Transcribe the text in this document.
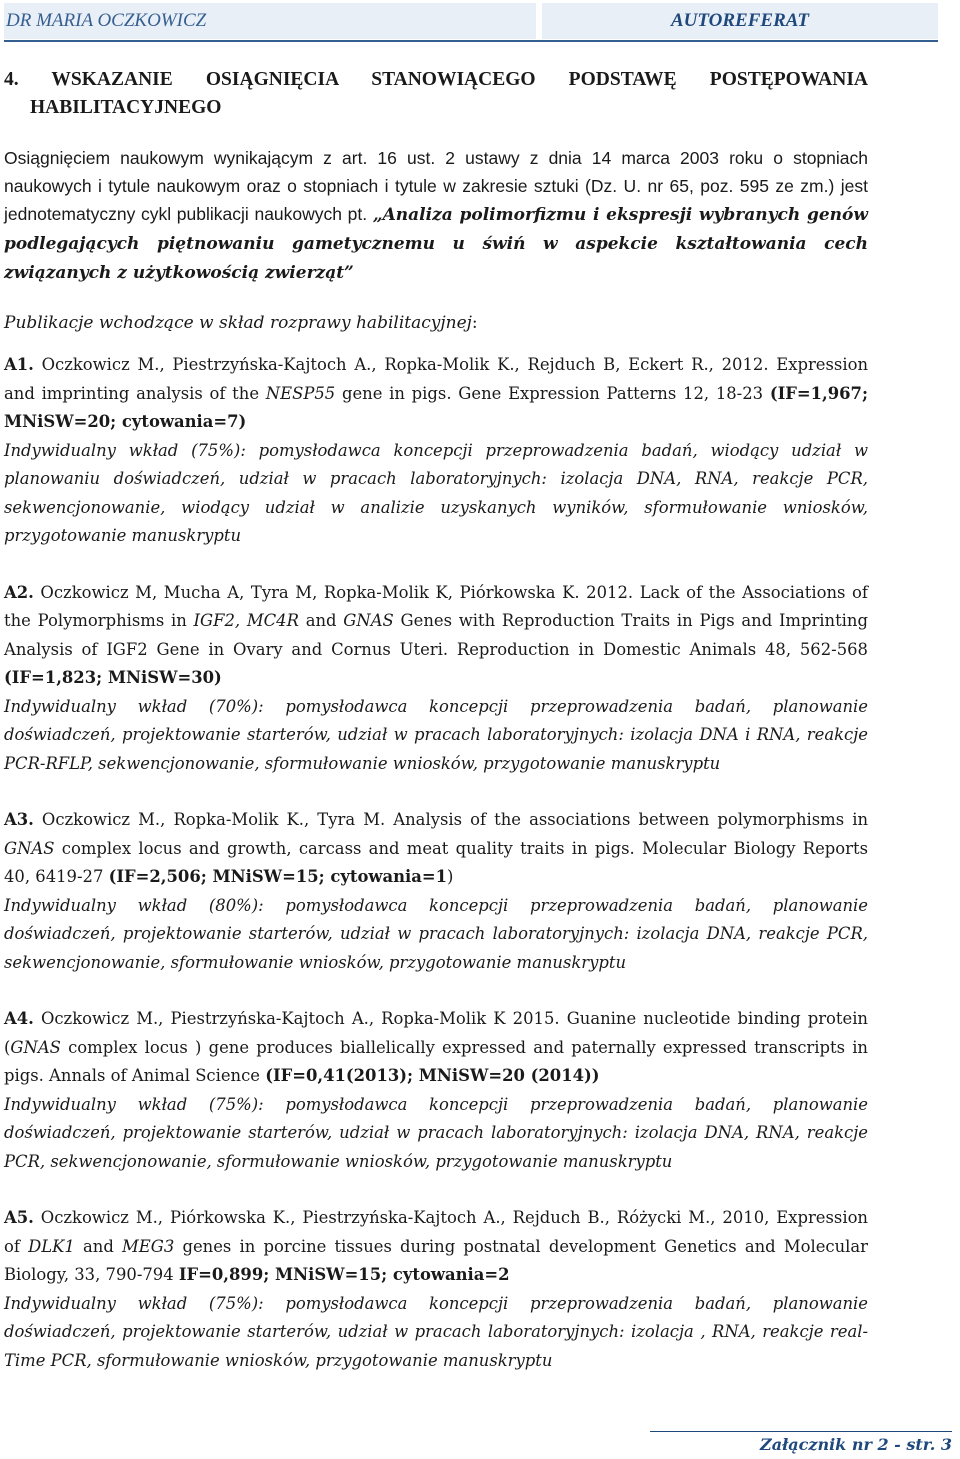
DR MARIA OCZKOWICZ	AUTOREFERAT

4. WSKAZANIE OSIĄGNIĘCIA STANOWIĄCEGO PODSTAWĘ POSTĘPOWANIA

HABILITACYJNEGO

Osiągnięciem naukowym wynikającym z art. 16 ust. 2 ustawy z dnia 14 marca 2003 roku o stopniach naukowych i tytule naukowym oraz o stopniach i tytule w zakresie sztuki (Dz. U. nr 65, poz. 595 ze zm.) jest jednotematyczny cykl publikacji naukowych pt. „Analiza polimorfizmu i ekspresji wybranych genów podlegających piętnowaniu gametycznemu u świń w aspekcie kształtowania cech związanych z użytkowością zwierząt”

Publikacje wchodzące w skład rozprawy habilitacyjnej:

A1. Oczkowicz M., Piestrzyńska-Kajtoch A., Ropka-Molik K., Rejduch B, Eckert R., 2012. Expression and imprinting analysis of the NESP55 gene in pigs. Gene Expression Patterns 12, 18-23 (IF=1,967; MNiSW=20; cytowania=7)
Indywidualny wkład (75%): pomysłodawca koncepcji przeprowadzenia badań, wiodący udział w planowaniu doświadczeń, udział w pracach laboratoryjnych: izolacja DNA, RNA, reakcje PCR, sekwencjonowanie, wiodący udział w analizie uzyskanych wyników, sformułowanie wniosków, przygotowanie manuskryptu
A2. Oczkowicz M, Mucha A, Tyra M, Ropka-Molik K, Piórkowska K. 2012. Lack of the Associations of the Polymorphisms in IGF2, MC4R and GNAS Genes with Reproduction Traits in Pigs and Imprinting Analysis of IGF2 Gene in Ovary and Cornus Uteri. Reproduction in Domestic Animals 48, 562-568 (IF=1,823; MNiSW=30)
Indywidualny wkład (70%): pomysłodawca koncepcji przeprowadzenia badań, planowanie doświadczeń, projektowanie starterów, udział w pracach laboratoryjnych: izolacja DNA i RNA, reakcje PCR-RFLP, sekwencjonowanie, sformułowanie wniosków, przygotowanie manuskryptu
A3. Oczkowicz M., Ropka-Molik K., Tyra M. Analysis of the associations between polymorphisms in GNAS complex locus and growth, carcass and meat quality traits in pigs. Molecular Biology Reports 40, 6419-27 (IF=2,506; MNiSW=15; cytowania=1)
Indywidualny wkład (80%): pomysłodawca koncepcji przeprowadzenia badań, planowanie doświadczeń, projektowanie starterów, udział w pracach laboratoryjnych: izolacja DNA, reakcje PCR, sekwencjonowanie, sformułowanie wniosków, przygotowanie manuskryptu
A4. Oczkowicz M., Piestrzyńska-Kajtoch A., Ropka-Molik K 2015. Guanine nucleotide binding protein (GNAS complex locus ) gene produces biallelically expressed and paternally expressed transcripts in pigs. Annals of Animal Science (IF=0,41(2013); MNiSW=20 (2014))
Indywidualny wkład (75%): pomysłodawca koncepcji przeprowadzenia badań, planowanie doświadczeń, projektowanie starterów, udział w pracach laboratoryjnych: izolacja DNA, RNA, reakcje PCR, sekwencjonowanie, sformułowanie wniosków, przygotowanie manuskryptu
A5. Oczkowicz M., Piórkowska K., Piestrzyńska-Kajtoch A., Rejduch B., Różycki M., 2010, Expression of DLK1 and MEG3 genes in porcine tissues during postnatal development Genetics and Molecular Biology, 33, 790-794 IF=0,899; MNiSW=15; cytowania=2
Indywidualny wkład (75%): pomysłodawca koncepcji przeprowadzenia badań, planowanie doświadczeń, projektowanie starterów, udział w pracach laboratoryjnych: izolacja , RNA, reakcje real-Time PCR, sformułowanie wniosków, przygotowanie manuskryptu
Załącznik nr 2 - str. 3
